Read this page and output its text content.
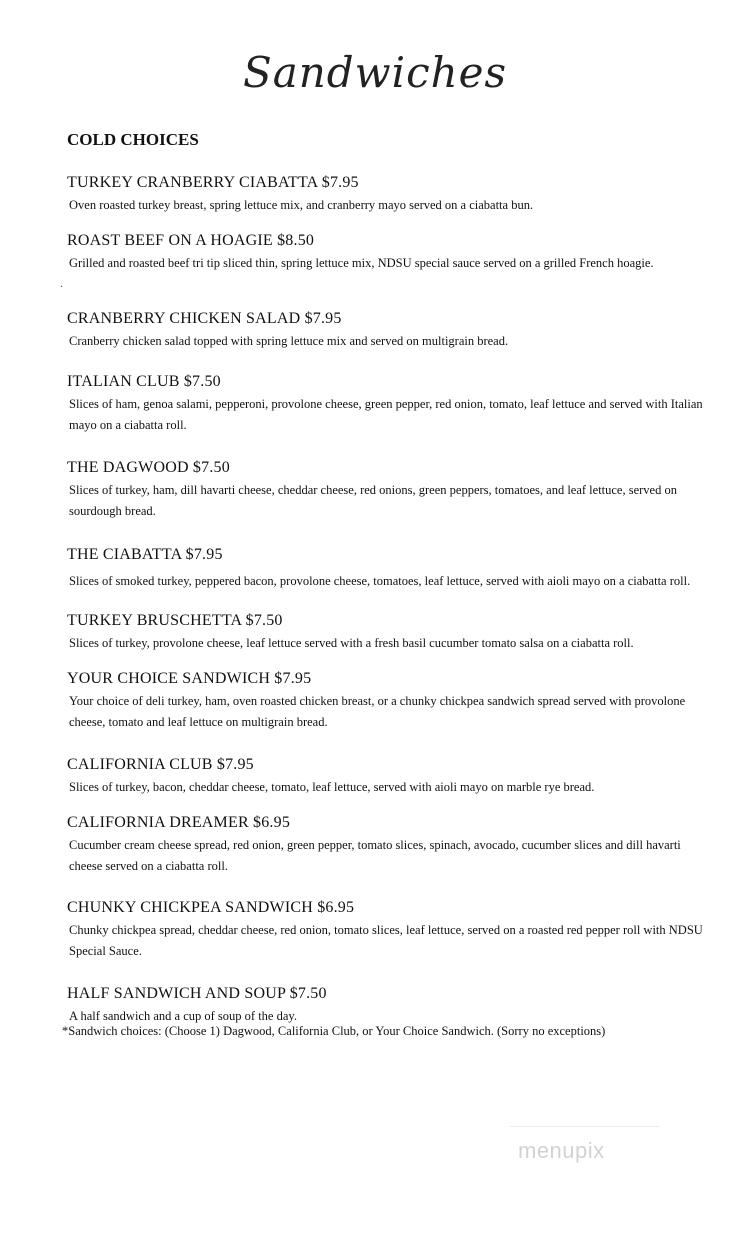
Sandwiches
COLD CHOICES
.
TURKEY CRANBERRY CIABATTA $7.95
Oven roasted turkey breast, spring lettuce mix, and cranberry mayo served on a ciabatta bun.
ROAST BEEF ON A HOAGIE $8.50
Grilled and roasted beef tri tip sliced thin, spring lettuce mix, NDSU special sauce served on a grilled French hoagie.
CRANBERRY CHICKEN SALAD $7.95
Cranberry chicken salad topped with spring lettuce mix and served on multigrain bread.
ITALIAN CLUB $7.50
Slices of ham, genoa salami, pepperoni, provolone cheese, green pepper, red onion, tomato, leaf lettuce and served with Italian mayo on a ciabatta roll.
THE DAGWOOD $7.50
Slices of turkey, ham, dill havarti cheese, cheddar cheese, red onions, green peppers, tomatoes, and leaf lettuce, served on sourdough bread.
THE CIABATTA $7.95
Slices of smoked turkey, peppered bacon, provolone cheese, tomatoes, leaf lettuce, served with aioli mayo on a ciabatta roll.
TURKEY BRUSCHETTA $7.50
Slices of turkey, provolone cheese, leaf lettuce served with a fresh basil cucumber tomato salsa on a ciabatta roll.
YOUR CHOICE SANDWICH $7.95
Your choice of deli turkey, ham, oven roasted chicken breast, or a chunky chickpea sandwich spread served with provolone cheese, tomato and leaf lettuce on multigrain bread.
CALIFORNIA CLUB $7.95
Slices of turkey, bacon, cheddar cheese, tomato, leaf lettuce, served with aioli mayo on marble rye bread.
CALIFORNIA DREAMER $6.95
Cucumber cream cheese spread, red onion, green pepper, tomato slices, spinach, avocado, cucumber slices and dill havarti cheese served on a ciabatta roll.
CHUNKY CHICKPEA SANDWICH $6.95
Chunky chickpea spread, cheddar cheese, red onion, tomato slices, leaf lettuce, served on a roasted red pepper roll with NDSU Special Sauce.
HALF SANDWICH AND SOUP $7.50
A half sandwich and a cup of soup of the day.
*Sandwich choices: (Choose 1) Dagwood, California Club, or Your Choice Sandwich. (Sorry no exceptions)
menupix
